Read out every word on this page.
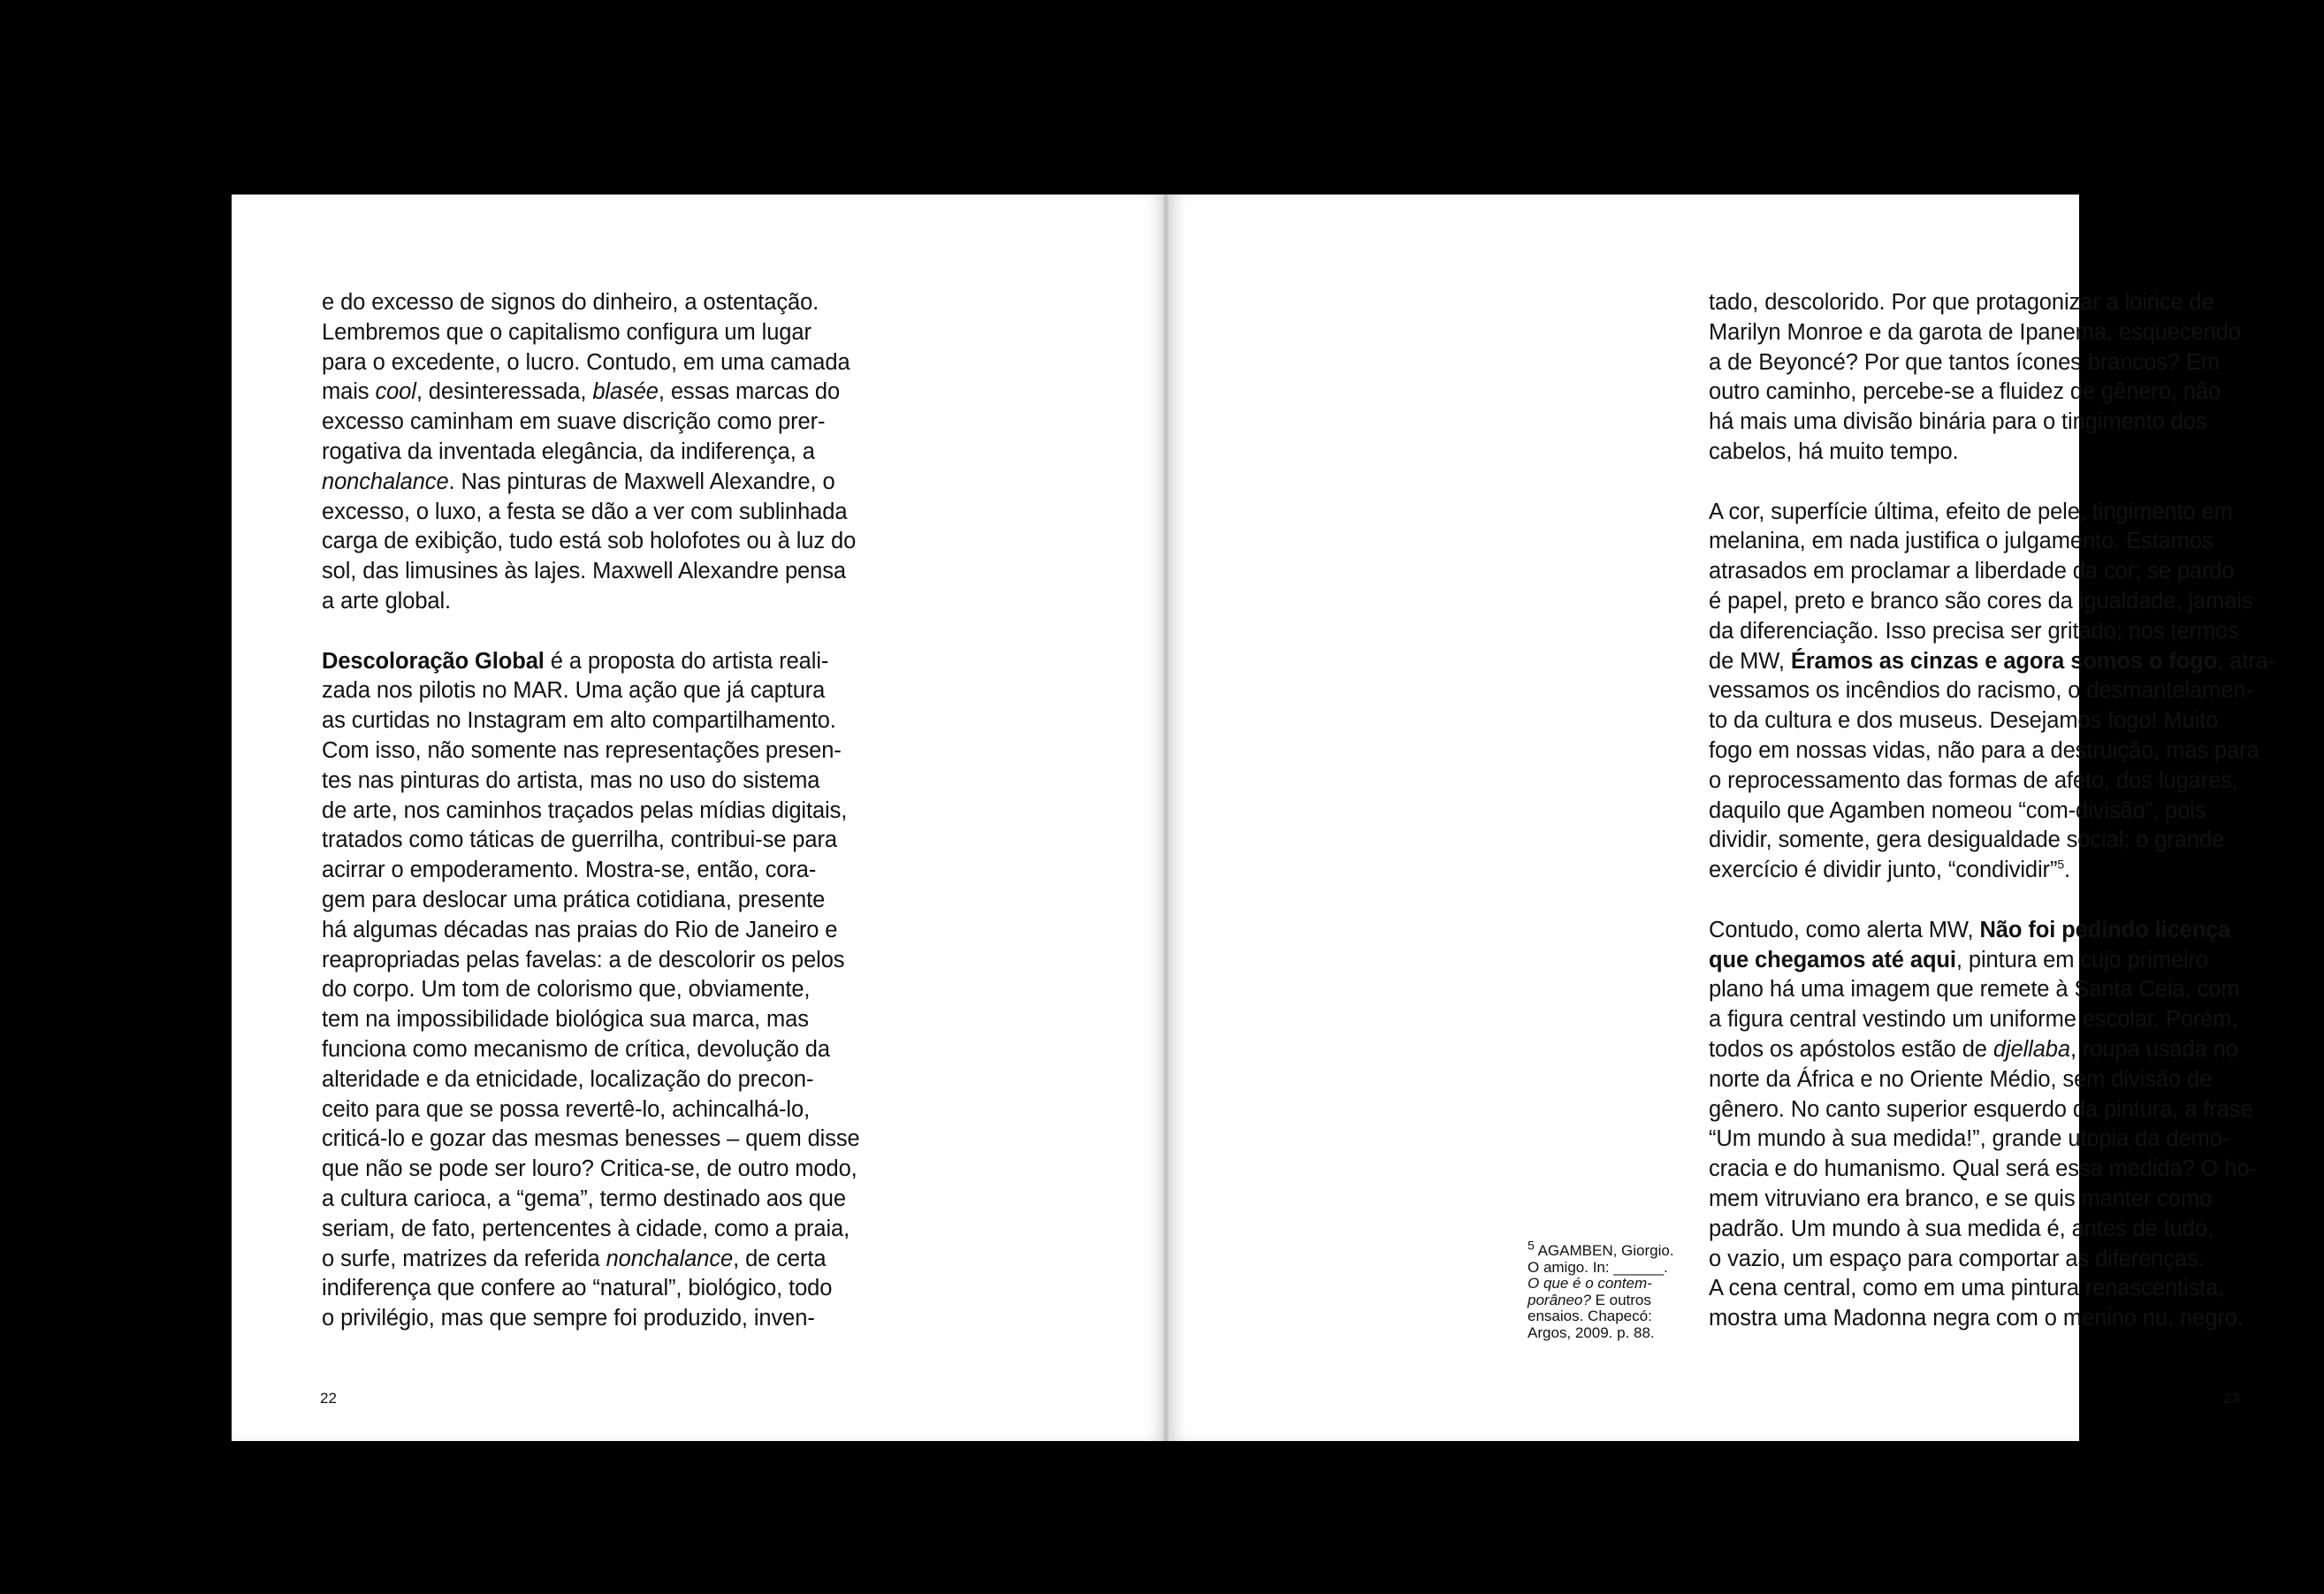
e do excesso de signos do dinheiro, a ostentação.
Lembremos que o capitalismo configura um lugar
para o excedente, o lucro. Contudo, em uma camada
mais cool, desinteressada, blasée, essas marcas do
excesso caminham em suave discrição como prer-
rogativa da inventada elegância, da indiferença, a
nonchalance. Nas pinturas de Maxwell Alexandre, o
excesso, o luxo, a festa se dão a ver com sublinhada
carga de exibição, tudo está sob holofotes ou à luz do
sol, das limusines às lajes. Maxwell Alexandre pensa
a arte global.
Descoloração Global é a proposta do artista reali-
zada nos pilotis no MAR. Uma ação que já captura
as curtidas no Instagram em alto compartilhamento.
Com isso, não somente nas representações presen-
tes nas pinturas do artista, mas no uso do sistema
de arte, nos caminhos traçados pelas mídias digitais,
tratados como táticas de guerrilha, contribui-se para
acirrar o empoderamento. Mostra-se, então, cora-
gem para deslocar uma prática cotidiana, presente
há algumas décadas nas praias do Rio de Janeiro e
reapropriadas pelas favelas: a de descolorir os pelos
do corpo. Um tom de colorismo que, obviamente,
tem na impossibilidade biológica sua marca, mas
funciona como mecanismo de crítica, devolução da
alteridade e da etnicidade, localização do precon-
ceito para que se possa revertê-lo, achincalhá-lo,
criticá-lo e gozar das mesmas benesses – quem disse
que não se pode ser louro? Critica-se, de outro modo,
a cultura carioca, a “gema”, termo destinado aos que
seriam, de fato, pertencentes à cidade, como a praia,
o surfe, matrizes da referida nonchalance, de certa
indiferença que confere ao “natural”, biológico, todo
o privilégio, mas que sempre foi produzido, inven-
22
$^5$ AGAMBEN, Giorgio.
O amigo. In: ______.
O que é o contem-
porâneo? E outros
ensaios. Chapecó:
Argos, 2009. p. 88.
tado, descolorido. Por que protagonizar a loirice de
Marilyn Monroe e da garota de Ipanema, esquecendo
a de Beyoncé? Por que tantos ícones brancos? Em
outro caminho, percebe-se a fluidez de gênero, não
há mais uma divisão binária para o tingimento dos
cabelos, há muito tempo.
A cor, superfície última, efeito de pele, tingimento em
melanina, em nada justifica o julgamento. Estamos
atrasados em proclamar a liberdade da cor; se pardo
é papel, preto e branco são cores da igualdade, jamais
da diferenciação. Isso precisa ser gritado; nos termos
de MW, Éramos as cinzas e agora somos o fogo, atra-
vessamos os incêndios do racismo, o desmantelamen-
to da cultura e dos museus. Desejamos fogo! Muito
fogo em nossas vidas, não para a destruição, mas para
o reprocessamento das formas de afeto, dos lugares,
daquilo que Agamben nomeou “com-divisão”, pois
dividir, somente, gera desigualdade social; o grande
exercício é dividir junto, “condividir”$^5$.
Contudo, como alerta MW, Não foi pedindo licença
que chegamos até aqui, pintura em cujo primeiro
plano há uma imagem que remete à Santa Ceia, com
a figura central vestindo um uniforme escolar. Porém,
todos os apóstolos estão de djellaba, roupa usada no
norte da África e no Oriente Médio, sem divisão de
gênero. No canto superior esquerdo da pintura, a frase
“Um mundo à sua medida!”, grande utopia da demo-
cracia e do humanismo. Qual será essa medida? O ho-
mem vitruviano era branco, e se quis manter como
padrão. Um mundo à sua medida é, antes de tudo,
o vazio, um espaço para comportar as diferenças.
A cena central, como em uma pintura renascentista,
mostra uma Madonna negra com o menino nu, negro.
23
